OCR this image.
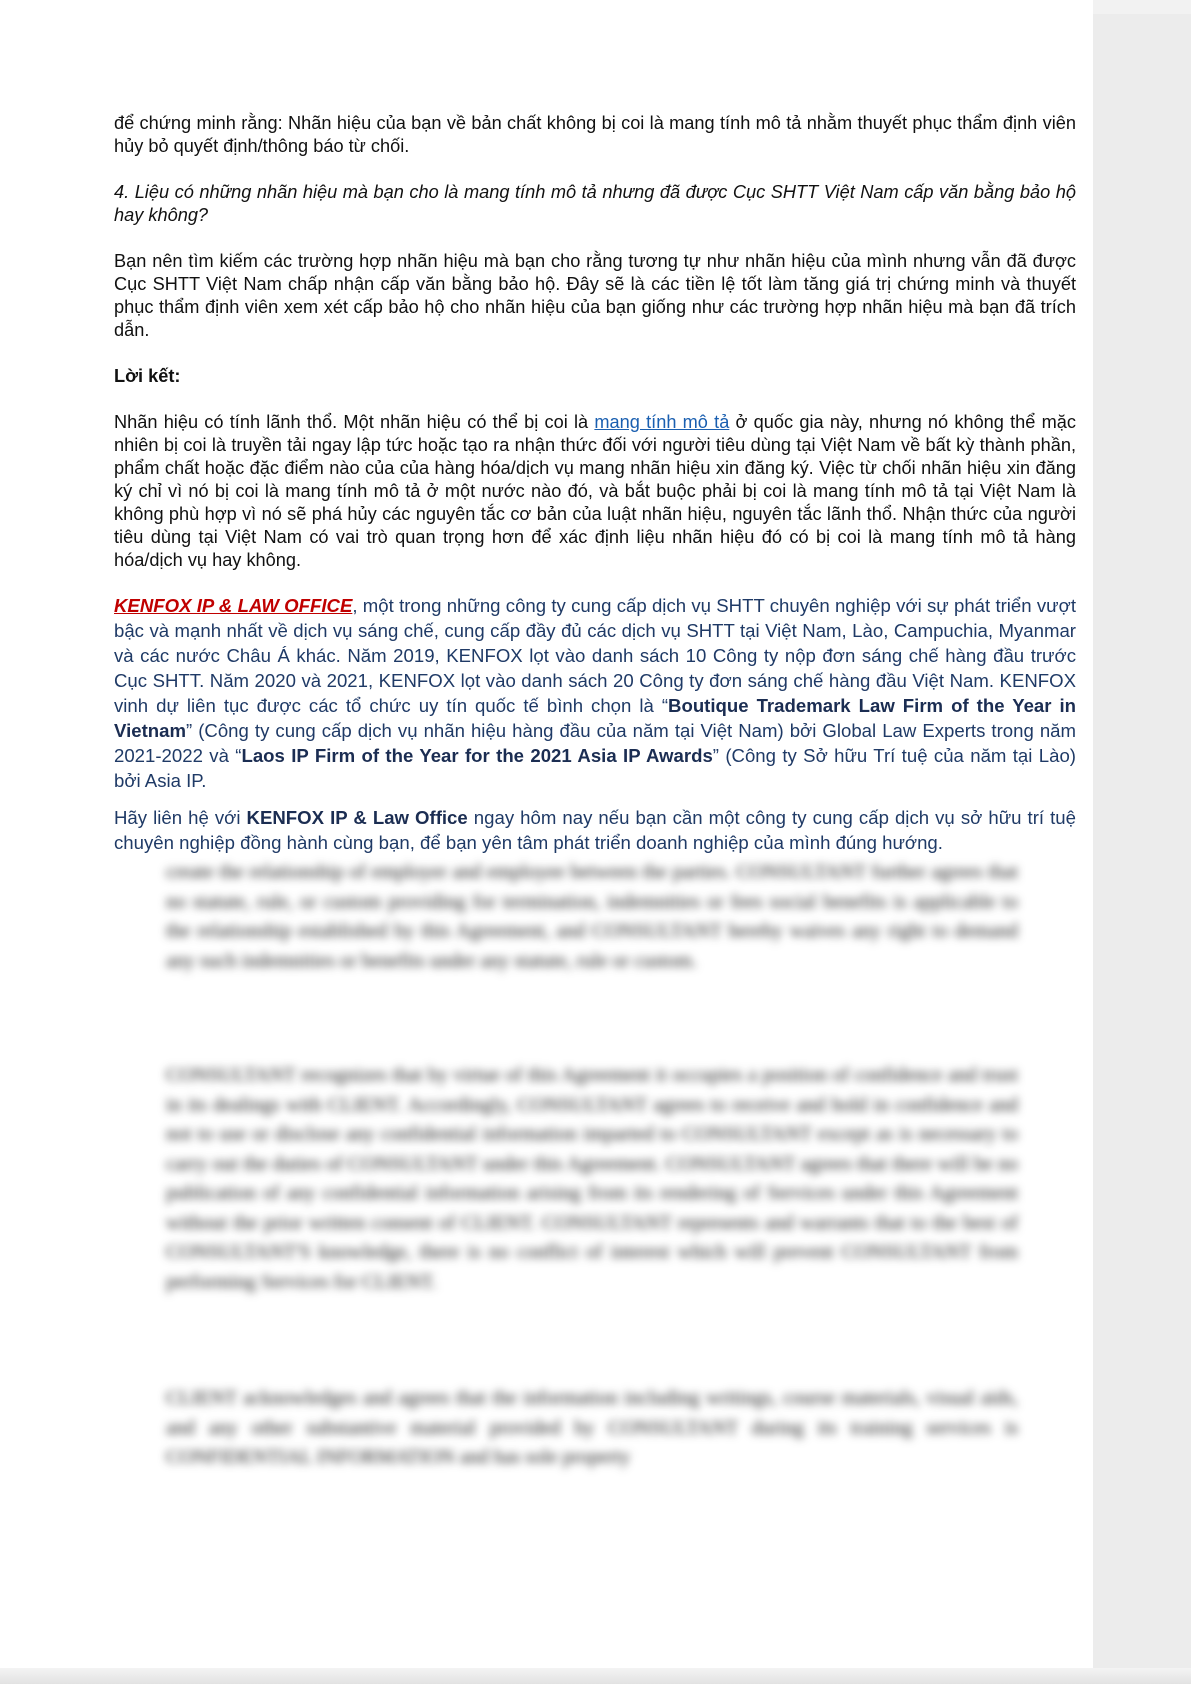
để chứng minh rằng: Nhãn hiệu của bạn về bản chất không bị coi là mang tính mô tả nhằm thuyết phục thẩm định viên hủy bỏ quyết định/thông báo từ chối.

4. Liệu có những nhãn hiệu mà bạn cho là mang tính mô tả nhưng đã được Cục SHTT Việt Nam cấp văn bằng bảo hộ hay không?

Bạn nên tìm kiếm các trường hợp nhãn hiệu mà bạn cho rằng tương tự như nhãn hiệu của mình nhưng vẫn đã được Cục SHTT Việt Nam chấp nhận cấp văn bằng bảo hộ. Đây sẽ là các tiền lệ tốt làm tăng giá trị chứng minh và thuyết phục thẩm định viên xem xét cấp bảo hộ cho nhãn hiệu của bạn giống như các trường hợp nhãn hiệu mà bạn đã trích dẫn.

Lời kết:

Nhãn hiệu có tính lãnh thổ. Một nhãn hiệu có thể bị coi là mang tính mô tả ở quốc gia này, nhưng nó không thể mặc nhiên bị coi là truyền tải ngay lập tức hoặc tạo ra nhận thức đối với người tiêu dùng tại Việt Nam về bất kỳ thành phần, phẩm chất hoặc đặc điểm nào của của hàng hóa/dịch vụ mang nhãn hiệu xin đăng ký. Việc từ chối nhãn hiệu xin đăng ký chỉ vì nó bị coi là mang tính mô tả ở một nước nào đó, và bắt buộc phải bị coi là mang tính mô tả tại Việt Nam là không phù hợp vì nó sẽ phá hủy các nguyên tắc cơ bản của luật nhãn hiệu, nguyên tắc lãnh thổ. Nhận thức của người tiêu dùng tại Việt Nam có vai trò quan trọng hơn để xác định liệu nhãn hiệu đó có bị coi là mang tính mô tả hàng hóa/dịch vụ hay không.

KENFOX IP & LAW OFFICE, một trong những công ty cung cấp dịch vụ SHTT chuyên nghiệp với sự phát triển vượt bậc và mạnh nhất về dịch vụ sáng chế, cung cấp đầy đủ các dịch vụ SHTT tại Việt Nam, Lào, Campuchia, Myanmar và các nước Châu Á khác. Năm 2019, KENFOX lọt vào danh sách 10 Công ty nộp đơn sáng chế hàng đầu trước Cục SHTT. Năm 2020 và 2021, KENFOX lọt vào danh sách 20 Công ty đơn sáng chế hàng đầu Việt Nam. KENFOX vinh dự liên tục được các tổ chức uy tín quốc tế bình chọn là “Boutique Trademark Law Firm of the Year in Vietnam” (Công ty cung cấp dịch vụ nhãn hiệu hàng đầu của năm tại Việt Nam) bởi Global Law Experts trong năm 2021-2022 và “Laos IP Firm of the Year for the 2021 Asia IP Awards” (Công ty Sở hữu Trí tuệ của năm tại Lào) bởi Asia IP.

Hãy liên hệ với KENFOX IP & Law Office ngay hôm nay nếu bạn cần một công ty cung cấp dịch vụ sở hữu trí tuệ chuyên nghiệp đồng hành cùng bạn, để bạn yên tâm phát triển doanh nghiệp của mình đúng hướng.

create the relationship of employer and employee between the parties. CONSULTANT further agrees that no statute, rule, or custom providing for termination, indemnities or fees social benefits is applicable to the relationship established by this Agreement, and CONSULTANT hereby waives any right to demand any such indemnities or benefits under any statute, rule or custom.

CONSULTANT recognizes that by virtue of this Agreement it occupies a position of confidence and trust in its dealings with CLIENT. Accordingly, CONSULTANT agrees to receive and hold in confidence and not to use or disclose any confidential information imparted to CONSULTANT except as is necessary to carry out the duties of CONSULTANT under this Agreement. CONSULTANT agrees that there will be no publication of any confidential information arising from its rendering of Services under this Agreement without the prior written consent of CLIENT. CONSULTANT represents and warrants that to the best of CONSULTANT'S knowledge, there is no conflict of interest which will prevent CONSULTANT from performing Services for CLIENT.

CLIENT acknowledges and agrees that the information including writings, course materials, visual aids, and any other substantive material provided by CONSULTANT during its training services is CONFIDENTIAL INFORMATION and has sole property
